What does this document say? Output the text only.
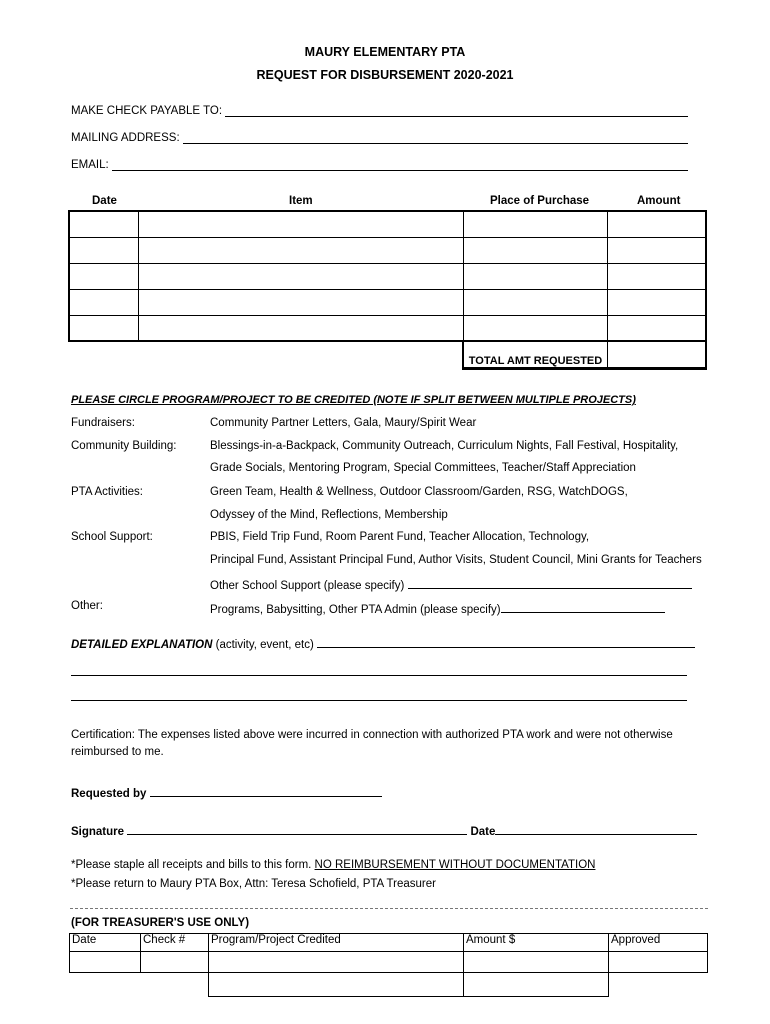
MAURY ELEMENTARY PTA
REQUEST FOR DISBURSEMENT 2020-2021
MAKE CHECK PAYABLE TO:
MAILING ADDRESS:
EMAIL:
Date	Item	Place of Purchase	Amount

		TOTAL AMT REQUESTED	
PLEASE CIRCLE PROGRAM/PROJECT TO BE CREDITED (NOTE IF SPLIT BETWEEN MULTIPLE PROJECTS)
Fundraisers:	Community Partner Letters, Gala, Maury/Spirit Wear
Community Building:	Blessings-in-a-Backpack, Community Outreach, Curriculum Nights, Fall Festival, Hospitality,
Grade Socials, Mentoring Program, Special Committees, Teacher/Staff Appreciation
PTA Activities:	Green Team, Health & Wellness, Outdoor Classroom/Garden, RSG, WatchDOGS,
Odyssey of the Mind, Reflections, Membership
School Support:	PBIS, Field Trip Fund, Room Parent Fund, Teacher Allocation, Technology,
Principal Fund, Assistant Principal Fund, Author Visits, Student Council, Mini Grants for Teachers
Other School Support (please specify)
Other:	Programs, Babysitting, Other PTA Admin (please specify)
DETAILED EXPLANATION (activity, event, etc)
Certification: The expenses listed above were incurred in connection with authorized PTA work and were not otherwise
reimbursed to me.
Requested by
Signature	Date
*Please staple all receipts and bills to this form. NO REIMBURSEMENT WITHOUT DOCUMENTATION
*Please return to Maury PTA Box, Attn: Teresa Schofield, PTA Treasurer
(FOR TREASURER'S USE ONLY)
Date	Check #	Program/Project Credited	Amount $	Approved
